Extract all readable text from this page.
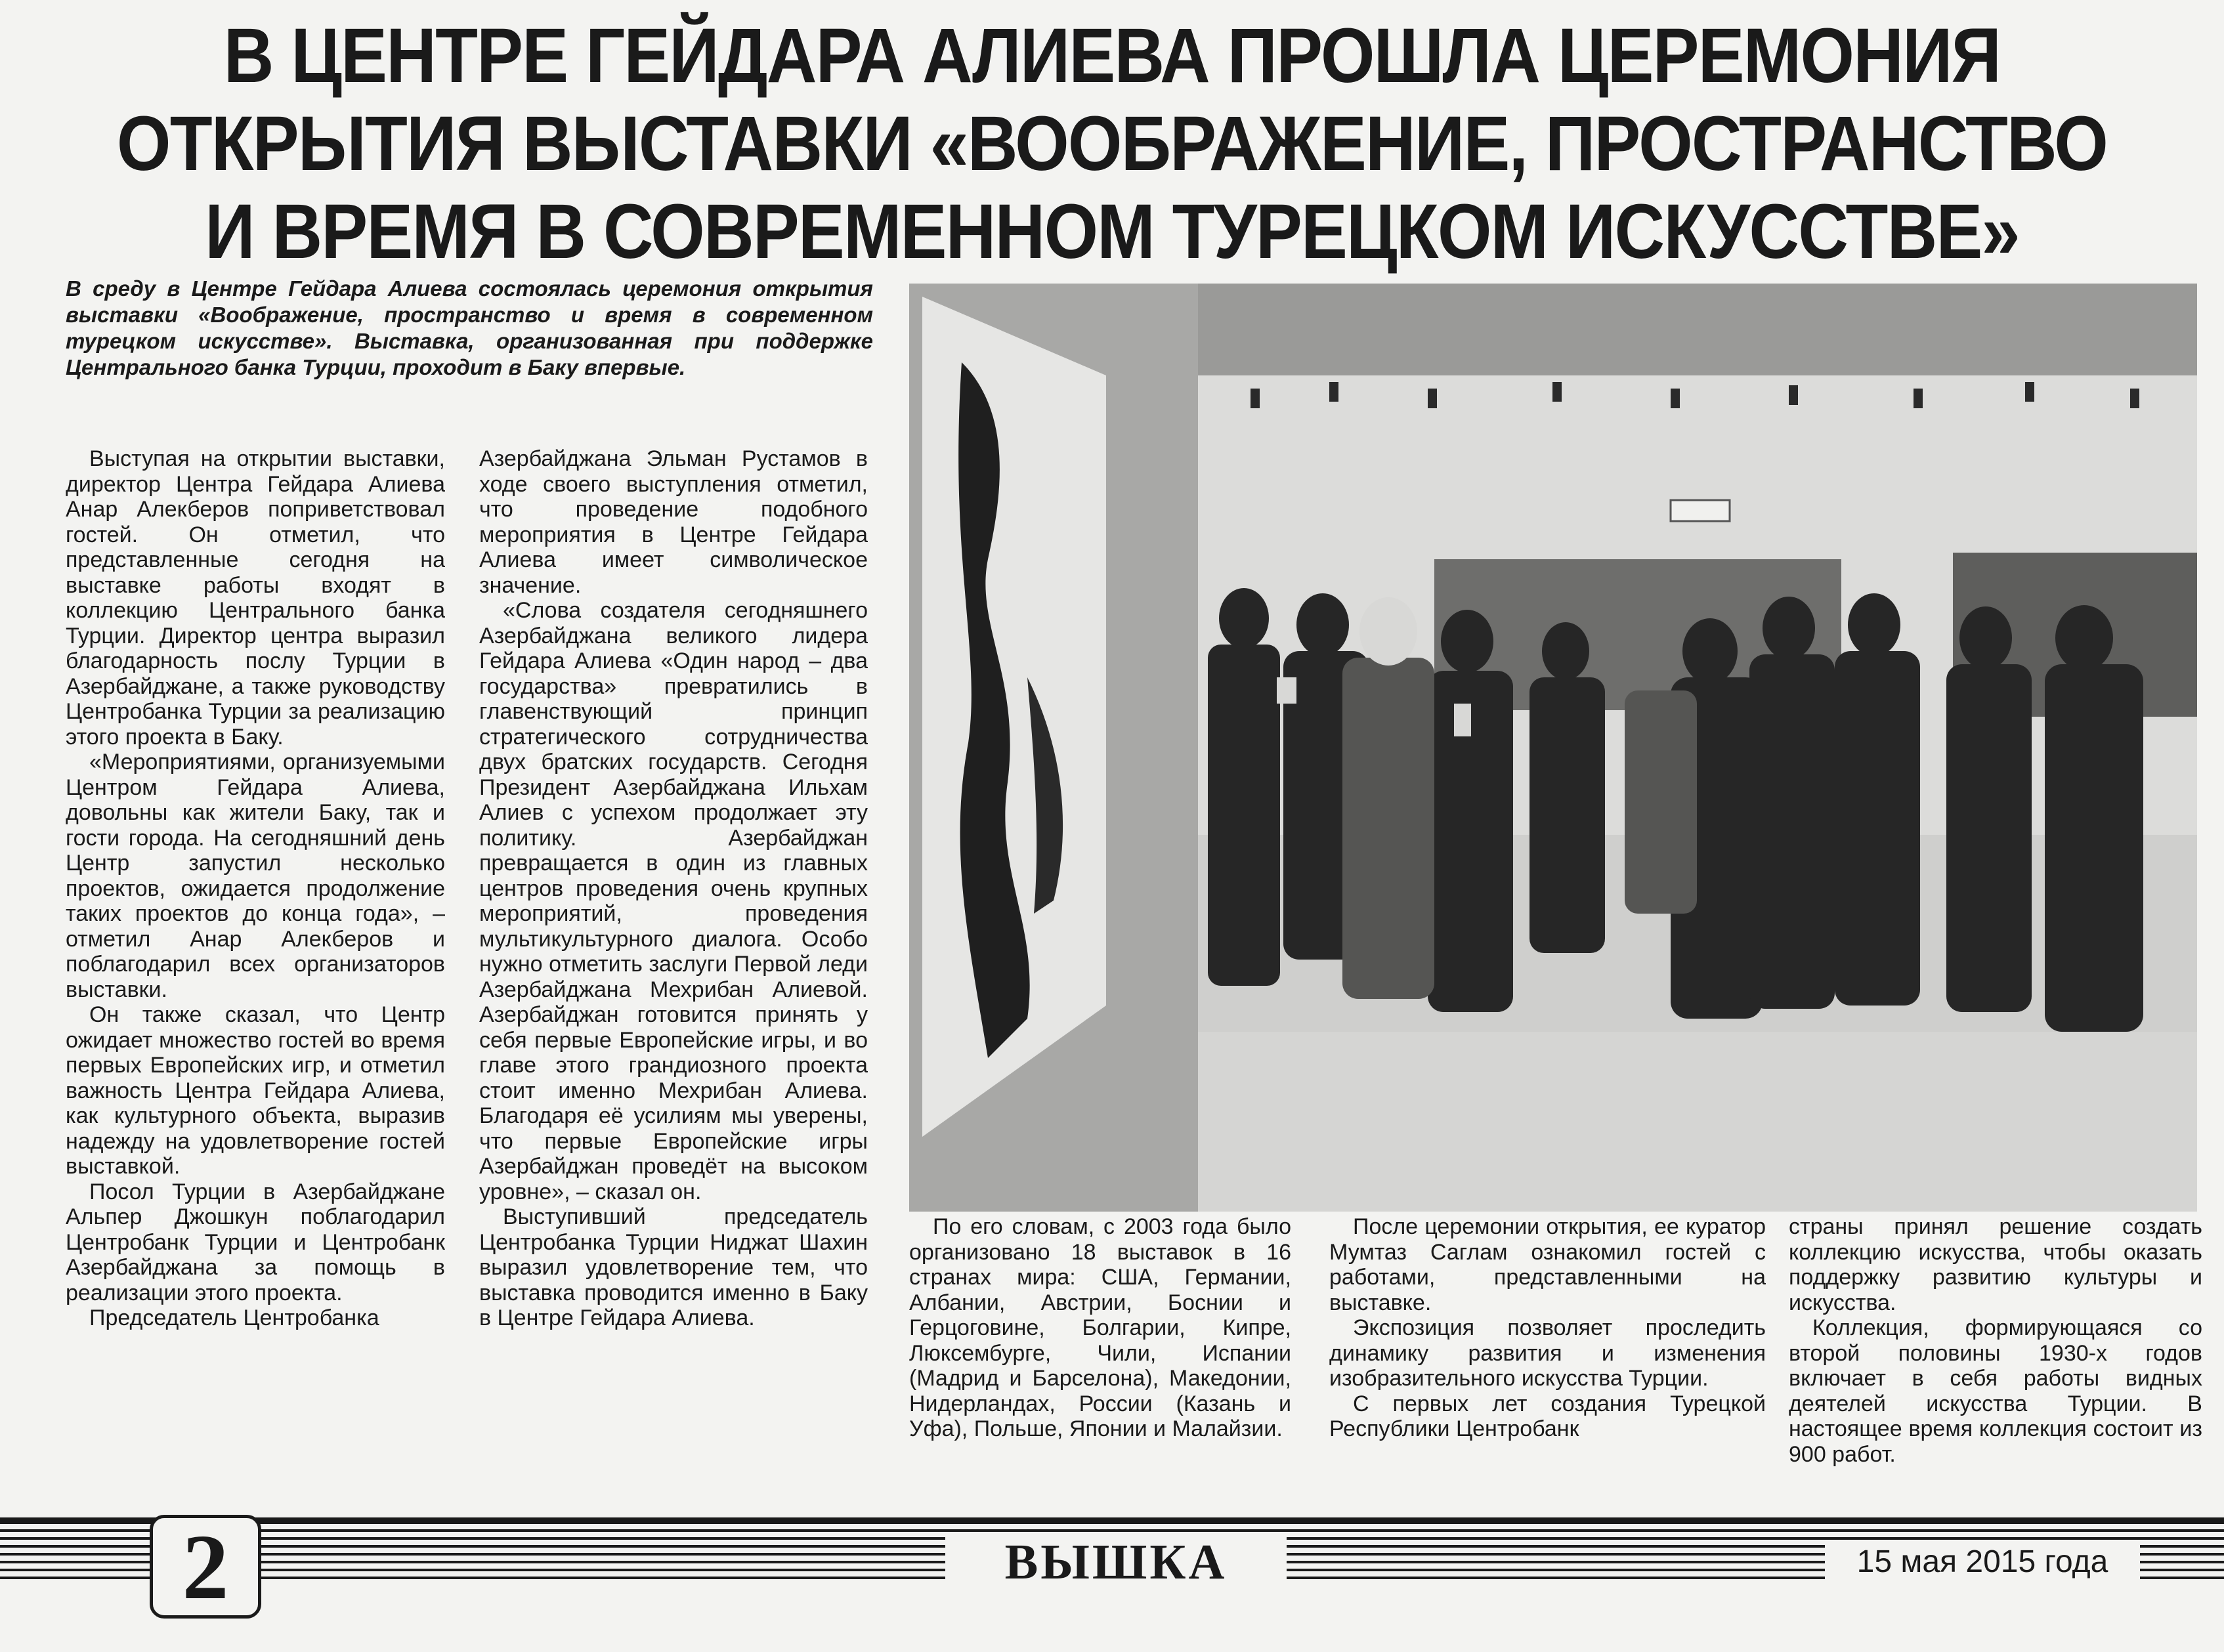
В ЦЕНТРЕ ГЕЙДАРА АЛИЕВА ПРОШЛА ЦЕРЕМОНИЯ
ОТКРЫТИЯ ВЫСТАВКИ «ВООБРАЖЕНИЕ, ПРОСТРАНСТВО
И ВРЕМЯ В СОВРЕМЕННОМ ТУРЕЦКОМ ИСКУССТВЕ»

В среду в Центре Гейдара Алиева состоялась церемония открытия выставки «Воображение, пространство и время в современном турецком искусстве». Выставка, организованная при поддержке Центрального банка Турции, проходит в Баку впервые.

Выступая на открытии выставки, директор Центра Гейдара Алиева Анар Алекберов поприветствовал гостей. Он отметил, что представленные сегодня на выставке работы входят в коллекцию Центрального банка Турции. Директор центра выразил благодарность послу Турции в Азербайджане, а также руководству Центробанка Турции за реализацию этого проекта в Баку.

«Мероприятиями, организуемыми Центром Гейдара Алиева, довольны как жители Баку, так и гости города. На сегодняшний день Центр запустил несколько проектов, ожидается продолжение таких проектов до конца года», – отметил Анар Алекберов и поблагодарил всех организаторов выставки.

Он также сказал, что Центр ожидает множество гостей во время первых Европейских игр, и отметил важность Центра Гейдара Алиева, как культурного объекта, выразив надежду на удовлетворение гостей выставкой.

Посол Турции в Азербайджане Альпер Джошкун поблагодарил Центробанк Турции и Центробанк Азербайджана за помощь в реализации этого проекта.

Председатель Центробанка

Азербайджана Эльман Рустамов в ходе своего выступления отметил, что проведение подобного мероприятия в Центре Гейдара Алиева имеет символическое значение.

«Слова создателя сегодняшнего Азербайджана великого лидера Гейдара Алиева «Один народ – два государства» превратились в главенствующий принцип стратегического сотрудничества двух братских государств. Сегодня Президент Азербайджана Ильхам Алиев с успехом продолжает эту политику. Азербайджан превращается в один из главных центров проведения очень крупных мероприятий, проведения мультикультурного диалога. Особо нужно отметить заслуги Первой леди Азербайджана Мехрибан Алиевой. Азербайджан готовится принять у себя первые Европейские игры, и во главе этого грандиозного проекта стоит именно Мехрибан Алиева. Благодаря её усилиям мы уверены, что первые Европейские игры Азербайджан проведёт на высоком уровне», – сказал он.

Выступивший председатель Центробанка Турции Ниджат Шахин выразил удовлетворение тем, что выставка проводится именно в Баку в Центре Гейдара Алиева.

По его словам, с 2003 года было организовано 18 выставок в 16 странах мира: США, Германии, Албании, Австрии, Боснии и Герцоговине, Болгарии, Кипре, Люксембурге, Чили, Испании (Мадрид и Барселона), Македонии, Нидерландах, России (Казань и Уфа), Польше, Японии и Малайзии.

После церемонии открытия, ее куратор Мумтаз Саглам ознакомил гостей с работами, представленными на выставке.

Экспозиция позволяет проследить динамику развития и изменения изобразительного искусства Турции.

С первых лет создания Турецкой Республики Центробанк

страны принял решение создать коллекцию искусства, чтобы оказать поддержку развитию культуры и искусства.

Коллекция, формирующаяся со второй половины 1930-х годов включает в себя работы видных деятелей искусства Турции. В настоящее время коллекция состоит из 900 работ.

2	ВЫШКА	15 мая 2015 года
